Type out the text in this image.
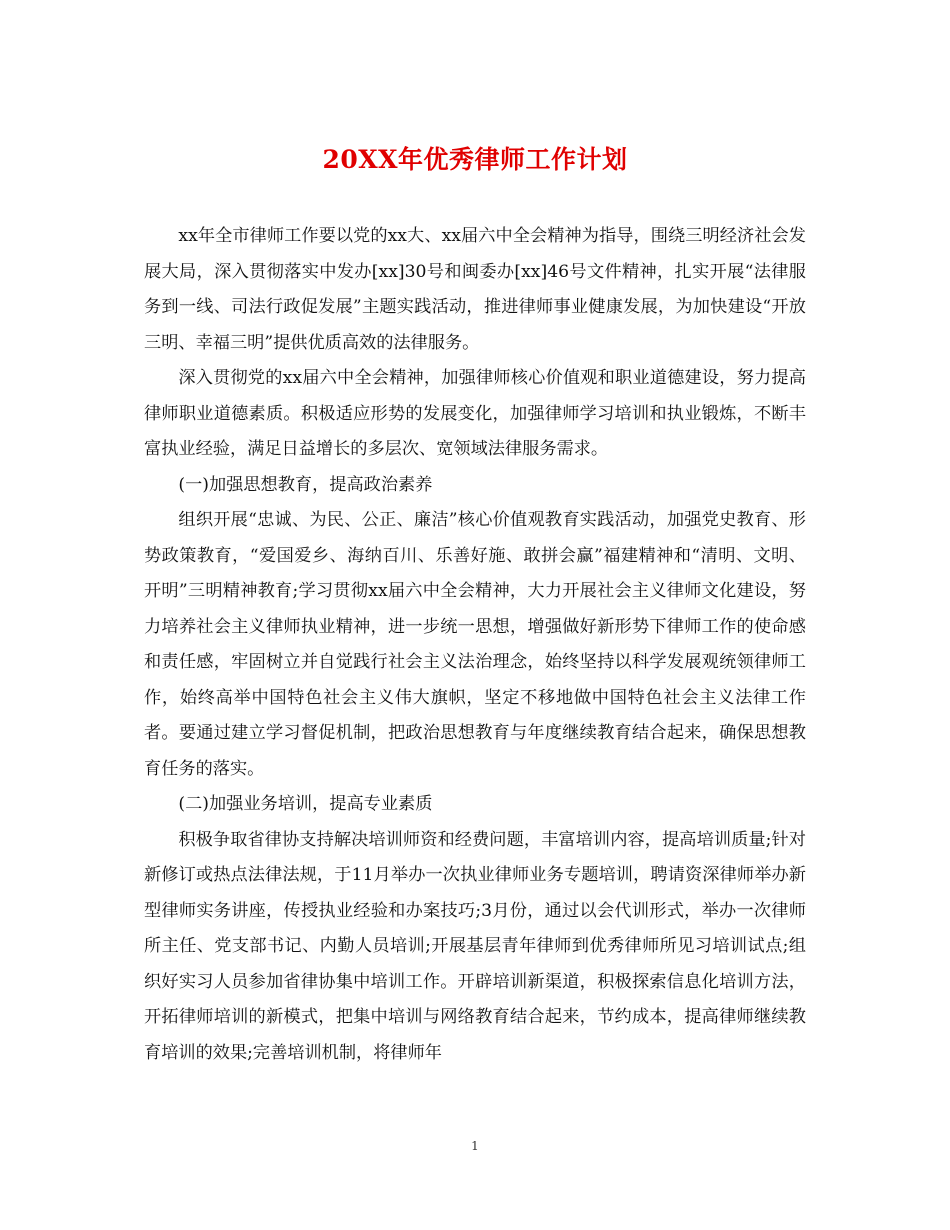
20XX年优秀律师工作计划

xx年全市律师工作要以党的xx大、xx届六中全会精神为指导，围绕三明经济社会发展大局，深入贯彻落实中发办[xx]30号和闽委办[xx]46号文件精神，扎实开展“法律服务到一线、司法行政促发展”主题实践活动，推进律师事业健康发展，为加快建设“开放三明、幸福三明”提供优质高效的法律服务。

深入贯彻党的xx届六中全会精神，加强律师核心价值观和职业道德建设，努力提高律师职业道德素质。积极适应形势的发展变化，加强律师学习培训和执业锻炼，不断丰富执业经验，满足日益增长的多层次、宽领域法律服务需求。

(一)加强思想教育，提高政治素养

组织开展“忠诚、为民、公正、廉洁”核心价值观教育实践活动，加强党史教育、形势政策教育，“爱国爱乡、海纳百川、乐善好施、敢拼会赢”福建精神和“清明、文明、开明”三明精神教育;学习贯彻xx届六中全会精神，大力开展社会主义律师文化建设，努力培养社会主义律师执业精神，进一步统一思想，增强做好新形势下律师工作的使命感和责任感，牢固树立并自觉践行社会主义法治理念，始终坚持以科学发展观统领律师工作，始终高举中国特色社会主义伟大旗帜，坚定不移地做中国特色社会主义法律工作者。要通过建立学习督促机制，把政治思想教育与年度继续教育结合起来，确保思想教育任务的落实。

(二)加强业务培训，提高专业素质

积极争取省律协支持解决培训师资和经费问题，丰富培训内容，提高培训质量;针对新修订或热点法律法规，于11月举办一次执业律师业务专题培训，聘请资深律师举办新型律师实务讲座，传授执业经验和办案技巧;3月份，通过以会代训形式，举办一次律师所主任、党支部书记、内勤人员培训;开展基层青年律师到优秀律师所见习培训试点;组织好实习人员参加省律协集中培训工作。开辟培训新渠道，积极探索信息化培训方法，开拓律师培训的新模式，把集中培训与网络教育结合起来，节约成本，提高律师继续教育培训的效果;完善培训机制，将律师年

1
